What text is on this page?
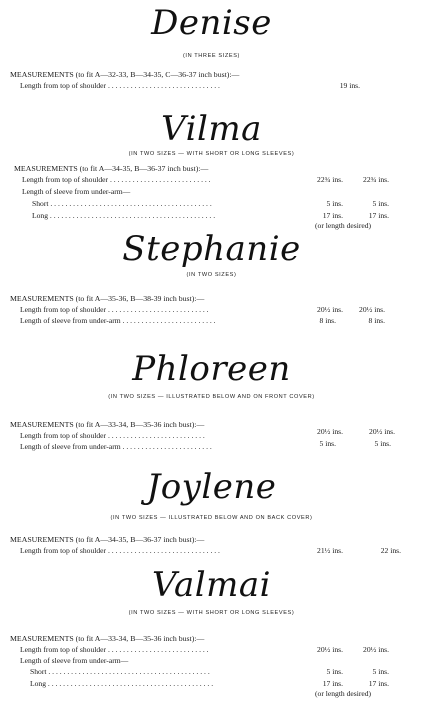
Denise
(IN THREE SIZES)
MEASUREMENTS (to fit A—32-33, B—34-35, C—36-37 inch bust):—
Length from top of shoulder . . . . . . . . . . . . . . . . . . . . . . . . . . . . . .	19 ins.
Vilma
(IN TWO SIZES — WITH SHORT OR LONG SLEEVES)
MEASUREMENTS (to fit A—34-35, B—36-37 inch bust):—
Length from top of shoulder . . . . . . . . . . . . . . . . . . . . . . . . . . .	22¾ ins.	22¾ ins.
Length of sleeve from under-arm—
Short . . . . . . . . . . . . . . . . . . . . . . . . . . . . . . . . . . . . . . . . . . .	5 ins.	5 ins.
Long . . . . . . . . . . . . . . . . . . . . . . . . . . . . . . . . . . . . . . . . . . . .	17 ins.	17 ins.
(or length desired)
Stephanie
(IN TWO SIZES)
MEASUREMENTS (to fit A—35-36, B—38-39 inch bust):—
Length from top of shoulder . . . . . . . . . . . . . . . . . . . . . . . . . . .	20½ ins. 20½ ins.
Length of sleeve from under-arm . . . . . . . . . . . . . . . . . . . . . . . . .	8 ins.	8 ins.
Phloreen
(IN TWO SIZES — ILLUSTRATED BELOW AND ON FRONT COVER)
MEASUREMENTS (to fit A—33-34, B—35-36 inch bust):—
Length from top of shoulder . . . . . . . . . . . . . . . . . . . . . . . . . .	20½ ins.	20½ ins.
Length of sleeve from under-arm . . . . . . . . . . . . . . . . . . . . . . . .	5 ins.	5 ins.
Joylene
(IN TWO SIZES — ILLUSTRATED BELOW AND ON BACK COVER)
MEASUREMENTS (to fit A—34-35, B—36-37 inch bust):—
Length from top of shoulder . . . . . . . . . . . . . . . . . . . . . . . . . . . . . .	21½ ins.	22 ins.
Valmai
(IN TWO SIZES — WITH SHORT OR LONG SLEEVES)
MEASUREMENTS (to fit A—33-34, B—35-36 inch bust):—
Length from top of shoulder . . . . . . . . . . . . . . . . . . . . . . . . . . .	20½ ins.	20½ ins.
Length of sleeve from under-arm—
Short . . . . . . . . . . . . . . . . . . . . . . . . . . . . . . . . . . . . . . . . . . .	5 ins.	5 ins.
Long . . . . . . . . . . . . . . . . . . . . . . . . . . . . . . . . . . . . . . . . . . . .	17 ins.	17 ins.
(or length desired)
